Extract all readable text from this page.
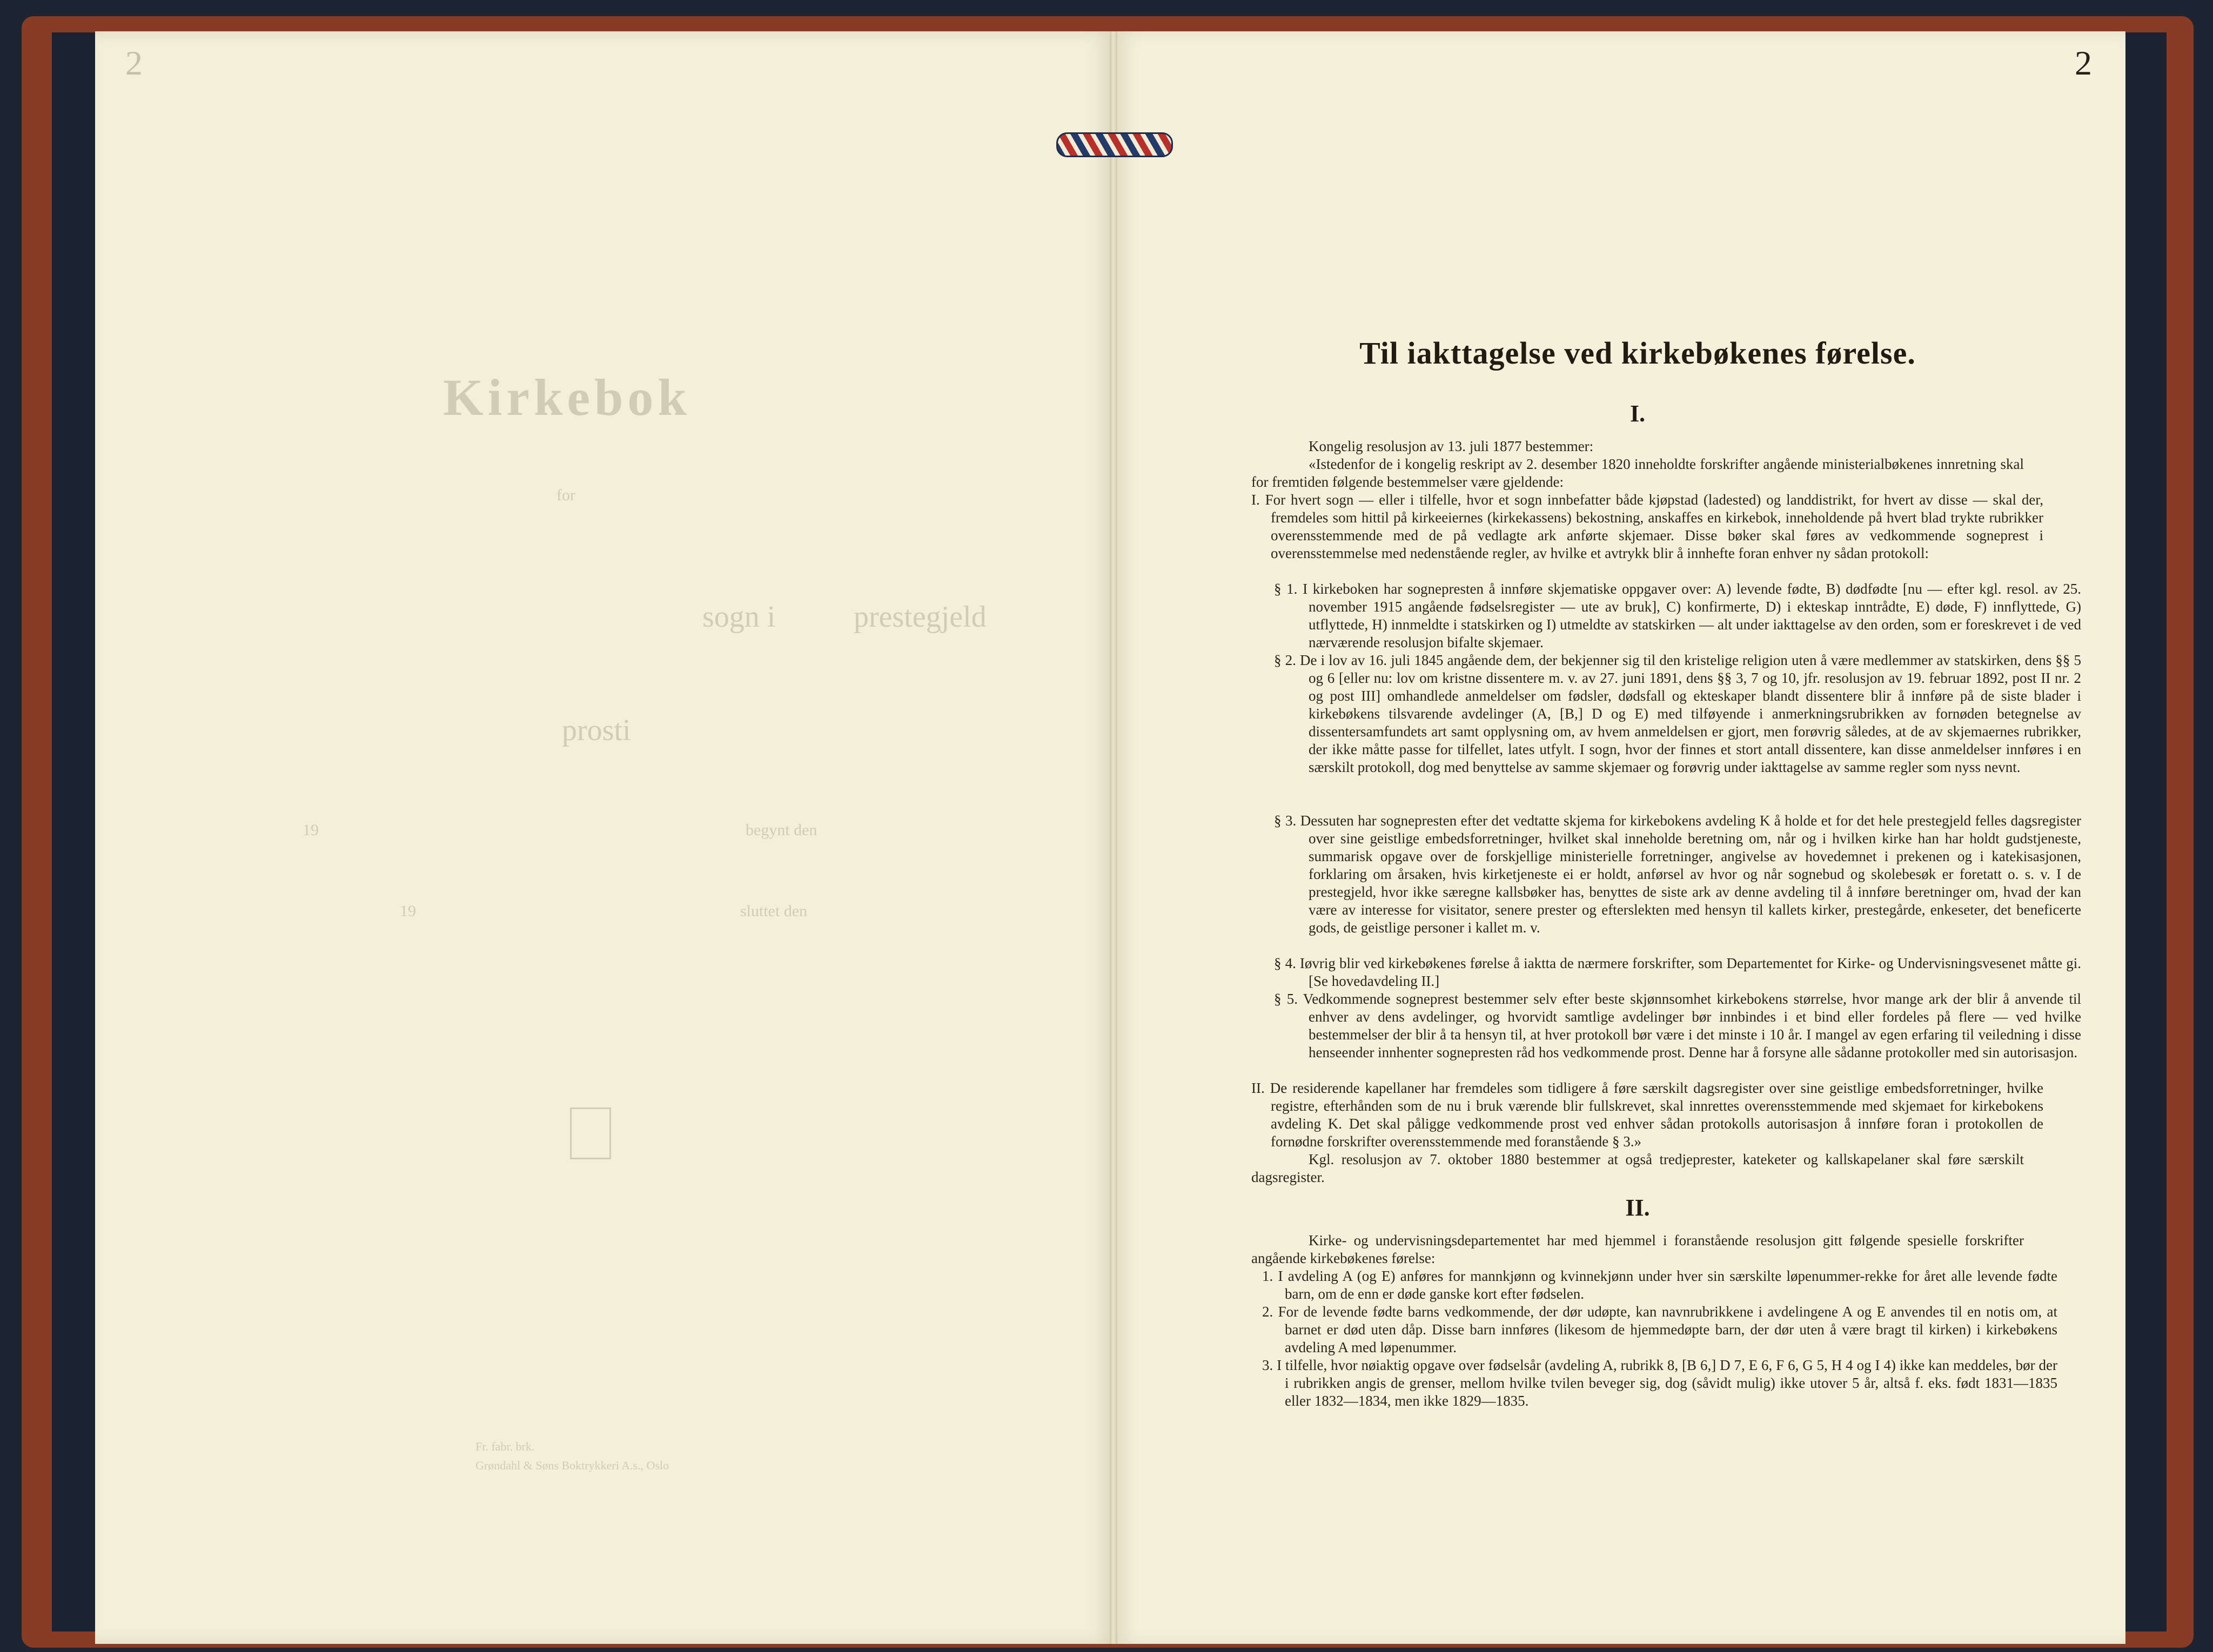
2
Kirkebok
for
sogn i	prestegjeld
prosti
begynt den
19
sluttet den
19
Fr. fabr. brk.
Grøndahl & Søns Boktrykkeri A.s., Oslo
2
Til iakttagelse ved kirkebøkenes førelse.
I.
Kongelig resolusjon av 13. juli 1877 bestemmer:
«Istedenfor de i kongelig reskript av 2. desember 1820 inneholdte forskrifter angående ministerialbøkenes innretning skal for fremtiden følgende bestemmelser være gjeldende:
I. For hvert sogn — eller i tilfelle, hvor et sogn innbefatter både kjøpstad (ladested) og landdistrikt, for hvert av disse — skal der, fremdeles som hittil på kirkeeiernes (kirkekassens) bekostning, anskaffes en kirkebok, inneholdende på hvert blad trykte rubrikker overensstemmende med de på vedlagte ark anførte skjemaer. Disse bøker skal føres av vedkommende sogneprest i overensstemmelse med nedenstående regler, av hvilke et avtrykk blir å innhefte foran enhver ny sådan protokoll:
§ 1. I kirkeboken har sognepresten å innføre skjematiske oppgaver over: A) levende fødte, B) dødfødte [nu — efter kgl. resol. av 25. november 1915 angående fødselsregister — ute av bruk], C) konfirmerte, D) i ekteskap inntrådte, E) døde, F) innflyttede, G) utflyttede, H) innmeldte i statskirken og I) utmeldte av statskirken — alt under iakttagelse av den orden, som er foreskrevet i de ved nærværende resolusjon bifalte skjemaer.
§ 2. De i lov av 16. juli 1845 angående dem, der bekjenner sig til den kristelige religion uten å være medlemmer av statskirken, dens §§ 5 og 6 [eller nu: lov om kristne dissentere m. v. av 27. juni 1891, dens §§ 3, 7 og 10, jfr. resolusjon av 19. februar 1892, post II nr. 2 og post III] omhandlede anmeldelser om fødsler, dødsfall og ekteskaper blandt dissentere blir å innføre på de siste blader i kirkebøkens tilsvarende avdelinger (A, [B,] D og E) med tilføyende i anmerkningsrubrikken av fornøden betegnelse av dissentersamfundets art samt opplysning om, av hvem anmeldelsen er gjort, men forøvrig således, at de av skjemaernes rubrikker, der ikke måtte passe for tilfellet, lates utfylt. I sogn, hvor der finnes et stort antall dissentere, kan disse anmeldelser innføres i en særskilt protokoll, dog med benyttelse av samme skjemaer og forøvrig under iakttagelse av samme regler som nyss nevnt.
§ 3. Dessuten har sognepresten efter det vedtatte skjema for kirkebokens avdeling K å holde et for det hele prestegjeld felles dagsregister over sine geistlige embedsforretninger, hvilket skal inneholde beretning om, når og i hvilken kirke han har holdt gudstjeneste, summarisk opgave over de forskjellige ministerielle forretninger, angivelse av hovedemnet i prekenen og i katekisasjonen, forklaring om årsaken, hvis kirketjeneste ei er holdt, anførsel av hvor og når sognebud og skolebesøk er foretatt o. s. v. I de prestegjeld, hvor ikke særegne kallsbøker has, benyttes de siste ark av denne avdeling til å innføre beretninger om, hvad der kan være av interesse for visitator, senere prester og efterslekten med hensyn til kallets kirker, prestegårde, enkeseter, det beneficerte gods, de geistlige personer i kallet m. v.
§ 4. Iøvrig blir ved kirkebøkenes førelse å iaktta de nærmere forskrifter, som Departementet for Kirke- og Undervisningsvesenet måtte gi. [Se hovedavdeling II.]
§ 5. Vedkommende sogneprest bestemmer selv efter beste skjønnsomhet kirkebokens størrelse, hvor mange ark der blir å anvende til enhver av dens avdelinger, og hvorvidt samtlige avdelinger bør innbindes i et bind eller fordeles på flere — ved hvilke bestemmelser der blir å ta hensyn til, at hver protokoll bør være i det minste i 10 år. I mangel av egen erfaring til veiledning i disse henseender innhenter sognepresten råd hos vedkommende prost. Denne har å forsyne alle sådanne protokoller med sin autorisasjon.
II. De residerende kapellaner har fremdeles som tidligere å føre særskilt dagsregister over sine geistlige embedsforretninger, hvilke registre, efterhånden som de nu i bruk værende blir fullskrevet, skal innrettes overensstemmende med skjemaet for kirkebokens avdeling K. Det skal påligge vedkommende prost ved enhver sådan protokolls autorisasjon å innføre foran i protokollen de fornødne forskrifter overensstemmende med foranstående § 3.»
Kgl. resolusjon av 7. oktober 1880 bestemmer at også tredjeprester, kateketer og kallskapelaner skal føre særskilt dagsregister.
II.
Kirke- og undervisningsdepartementet har med hjemmel i foranstående resolusjon gitt følgende spesielle forskrifter angående kirkebøkenes førelse:
1. I avdeling A (og E) anføres for mannkjønn og kvinnekjønn under hver sin særskilte løpenummer-rekke for året alle levende fødte barn, om de enn er døde ganske kort efter fødselen.
2. For de levende fødte barns vedkommende, der dør udøpte, kan navnrubrikkene i avdelingene A og E anvendes til en notis om, at barnet er død uten dåp. Disse barn innføres (likesom de hjemmedøpte barn, der dør uten å være bragt til kirken) i kirkebøkens avdeling A med løpenummer.
3. I tilfelle, hvor nøiaktig opgave over fødselsår (avdeling A, rubrikk 8, [B 6,] D 7, E 6, F 6, G 5, H 4 og I 4) ikke kan meddeles, bør der i rubrikken angis de grenser, mellom hvilke tvilen beveger sig, dog (såvidt mulig) ikke utover 5 år, altså f. eks. født 1831—1835 eller 1832—1834, men ikke 1829—1835.
